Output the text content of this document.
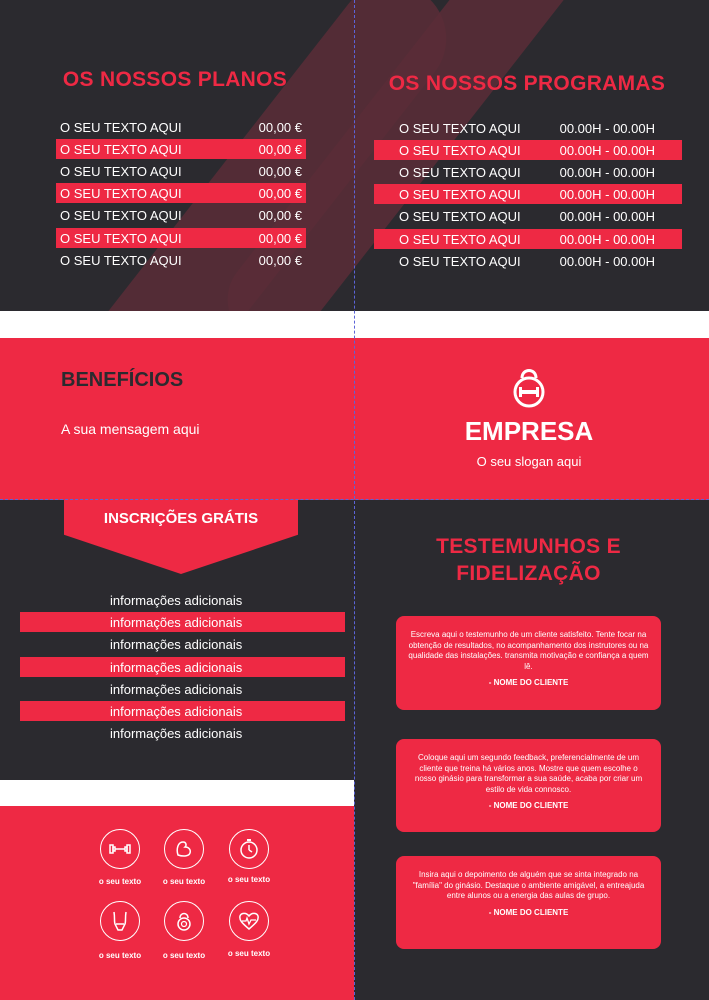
OS NOSSOS PLANOS
O SEU TEXTO AQUI	00,00 €
O SEU TEXTO AQUI	00,00 €
O SEU TEXTO AQUI	00,00 €
O SEU TEXTO AQUI	00,00 €
O SEU TEXTO AQUI	00,00 €
O SEU TEXTO AQUI	00,00 €
O SEU TEXTO AQUI	00,00 €
OS NOSSOS PROGRAMAS
O SEU TEXTO AQUI	00.00H - 00.00H
O SEU TEXTO AQUI	00.00H - 00.00H
O SEU TEXTO AQUI	00.00H - 00.00H
O SEU TEXTO AQUI	00.00H - 00.00H
O SEU TEXTO AQUI	00.00H - 00.00H
O SEU TEXTO AQUI	00.00H - 00.00H
O SEU TEXTO AQUI	00.00H - 00.00H
BENEFÍCIOS
A sua mensagem aqui	EMPRESA
O seu slogan aqui
INSCRIÇÕES GRÁTIS
informações adicionais
informações adicionais
informações adicionais
informações adicionais
informações adicionais
informações adicionais
informações adicionais
o seu texto	o seu texto	o seu texto
o seu texto	o seu texto	o seu texto
TESTEMUNHOS E
FIDELIZAÇÃO
Escreva aqui o testemunho de um cliente satisfeito. Tente focar na obtenção de resultados, no acompanhamento dos instrutores ou na qualidade das instalações. transmita motivação e confiança a quem lê.
- NOME DO CLIENTE
Coloque aqui um segundo feedback, preferencialmente de um cliente que treina há vários anos. Mostre que quem escolhe o nosso ginásio para transformar a sua saúde, acaba por criar um estilo de vida connosco.
- NOME DO CLIENTE
Insira aqui o depoimento de alguém que se sinta integrado na "família" do ginásio. Destaque o ambiente amigável, a entreajuda entre alunos ou a energia das aulas de grupo.
- NOME DO CLIENTE
